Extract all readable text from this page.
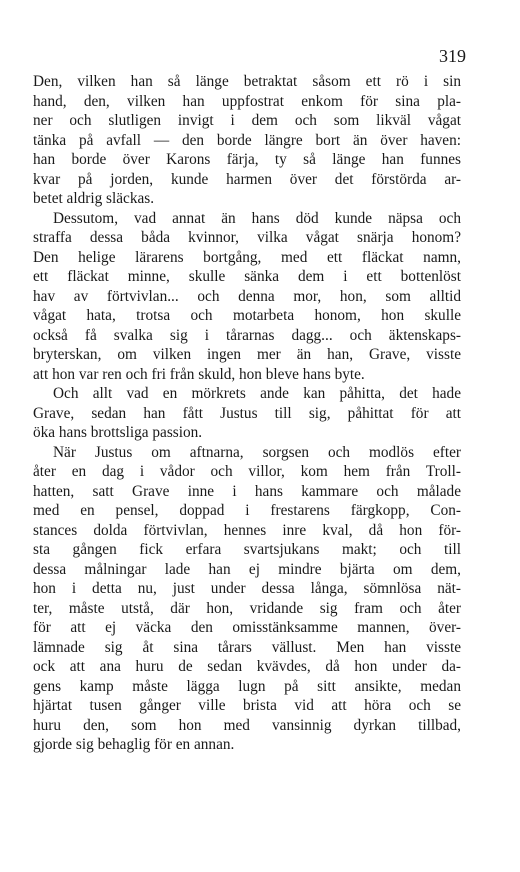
319
Den, vilken han så länge betraktat såsom ett rö i sin
hand, den, vilken han uppfostrat enkom för sina pla-
ner och slutligen invigt i dem och som likväl vågat
tänka på avfall — den borde längre bort än över haven:
han borde över Karons färja, ty så länge han funnes
kvar på jorden, kunde harmen över det förstörda ar-
betet aldrig släckas.
Dessutom, vad annat än hans död kunde näpsa och
straffa dessa båda kvinnor, vilka vågat snärja honom?
Den helige lärarens bortgång, med ett fläckat namn,
ett fläckat minne, skulle sänka dem i ett bottenlöst
hav av förtvivlan... och denna mor, hon, som alltid
vågat hata, trotsa och motarbeta honom, hon skulle
också få svalka sig i tårarnas dagg... och äktenskaps-
bryterskan, om vilken ingen mer än han, Grave, visste
att hon var ren och fri från skuld, hon bleve hans byte.
Och allt vad en mörkrets ande kan påhitta, det hade
Grave, sedan han fått Justus till sig, påhittat för att
öka hans brottsliga passion.
När Justus om aftnarna, sorgsen och modlös efter
åter en dag i vådor och villor, kom hem från Troll-
hatten, satt Grave inne i hans kammare och målade
med en pensel, doppad i frestarens färgkopp, Con-
stances dolda förtvivlan, hennes inre kval, då hon för-
sta gången fick erfara svartsjukans makt; och till
dessa målningar lade han ej mindre bjärta om dem,
hon i detta nu, just under dessa långa, sömnlösa nät-
ter, måste utstå, där hon, vridande sig fram och åter
för att ej väcka den omisstänksamme mannen, över-
lämnade sig åt sina tårars vällust. Men han visste
ock att ana huru de sedan kvävdes, då hon under da-
gens kamp måste lägga lugn på sitt ansikte, medan
hjärtat tusen gånger ville brista vid att höra och se
huru den, som hon med vansinnig dyrkan tillbad,
gjorde sig behaglig för en annan.
